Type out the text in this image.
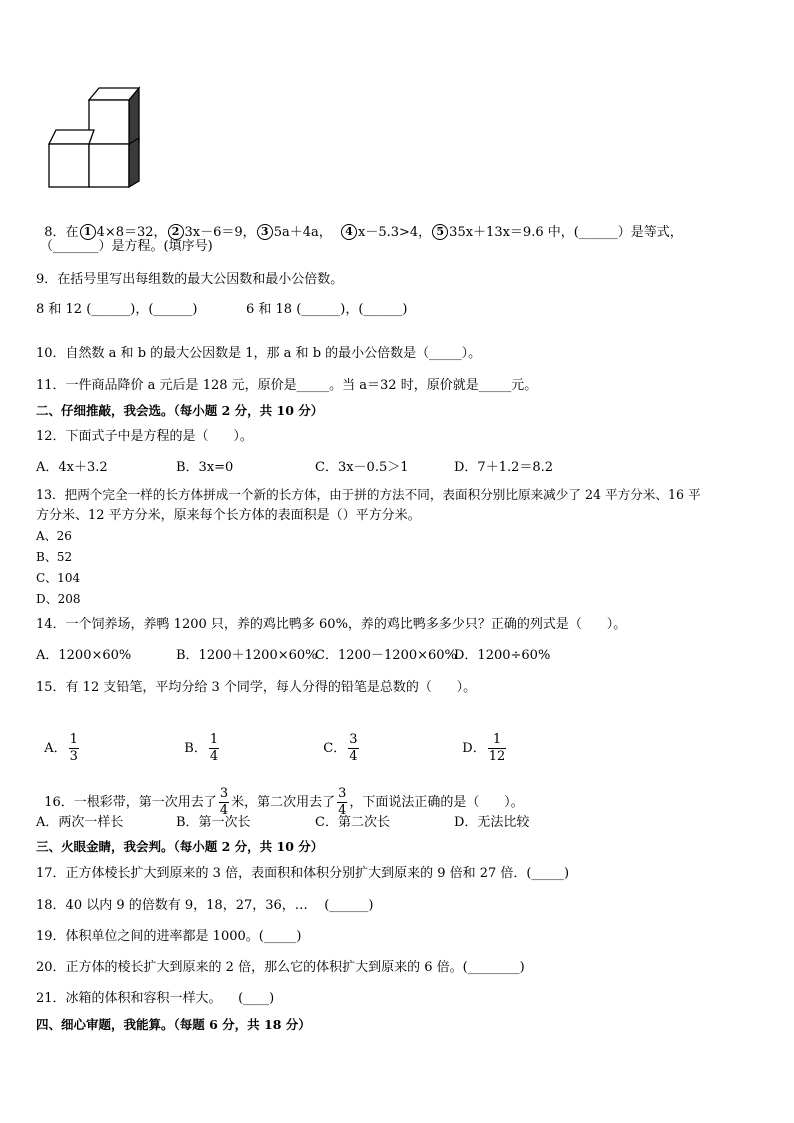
8．在 1 4×8＝32， 2 3x－6＝9， 3 5a＋4a，  4 x－5.3>4， 5 35x＋13x＝9.6 中，(______）是等式，

（_______）是方程。(填序号)
9．在括号里写出每组数的最大公因数和最小公倍数。
8 和 12 (______)，(______)	6 和 18 (______)，(______)
10．自然数 a 和 b 的最大公因数是 1，那 a 和 b 的最小公倍数是（_____）。
11．一件商品降价 a 元后是 128 元，原价是_____。当 a＝32 时，原价就是_____元。
二、仔细推敲，我会选。（每小题 2 分，共 10 分）
12．下面式子中是方程的是（      ）。
A．4x＋3.2	B．3x=0	C．3x－0.5＞1	D．7＋1.2＝8.2
13．把两个完全一样的长方体拼成一个新的长方体，由于拼的方法不同，表面积分别比原来减少了 24 平方分米、16 平
方分米、12 平方分米，原来每个长方体的表面积是（）平方分米。
A、26
B、52
C、104
D、208
14．一个饲养场，养鸭 1200 只，养的鸡比鸭多 60%，养的鸡比鸭多多少只？正确的列式是（      ）。
A．1200×60%	B．1200＋1200×60%
C．1200－1200×60%
D．1200÷60%
15．有 12 支铅笔，平均分给 3 个同学，每人分得的铅笔是总数的（      ）。

A． $\frac{1}{3}$	B． $\frac{1}{4}$	C． $\frac{3}{4}$	D． $\frac{1}{12}$

16．一根彩带，第一次用去了 $\frac{3}{4}$ 米，第二次用去了 $\frac{3}{4}$ ，下面说法正确的是（      ）。

A．两次一样长	B．第一次长	C．第二次长	D．无法比较
三、火眼金睛，我会判。（每小题 2 分，共 10 分）
17．正方体棱长扩大到原来的 3 倍，表面积和体积分别扩大到原来的 9 倍和 27 倍．(_____)
18．40 以内 9 的倍数有 9，18，27，36，…    (______)
19．体积单位之间的进率都是 1000。(_____)
20．正方体的棱长扩大到原来的 2 倍，那么它的体积扩大到原来的 6 倍。(________)
21．冰箱的体积和容积一样大。    (____)
四、细心审题，我能算。（每题 6 分，共 18 分）
